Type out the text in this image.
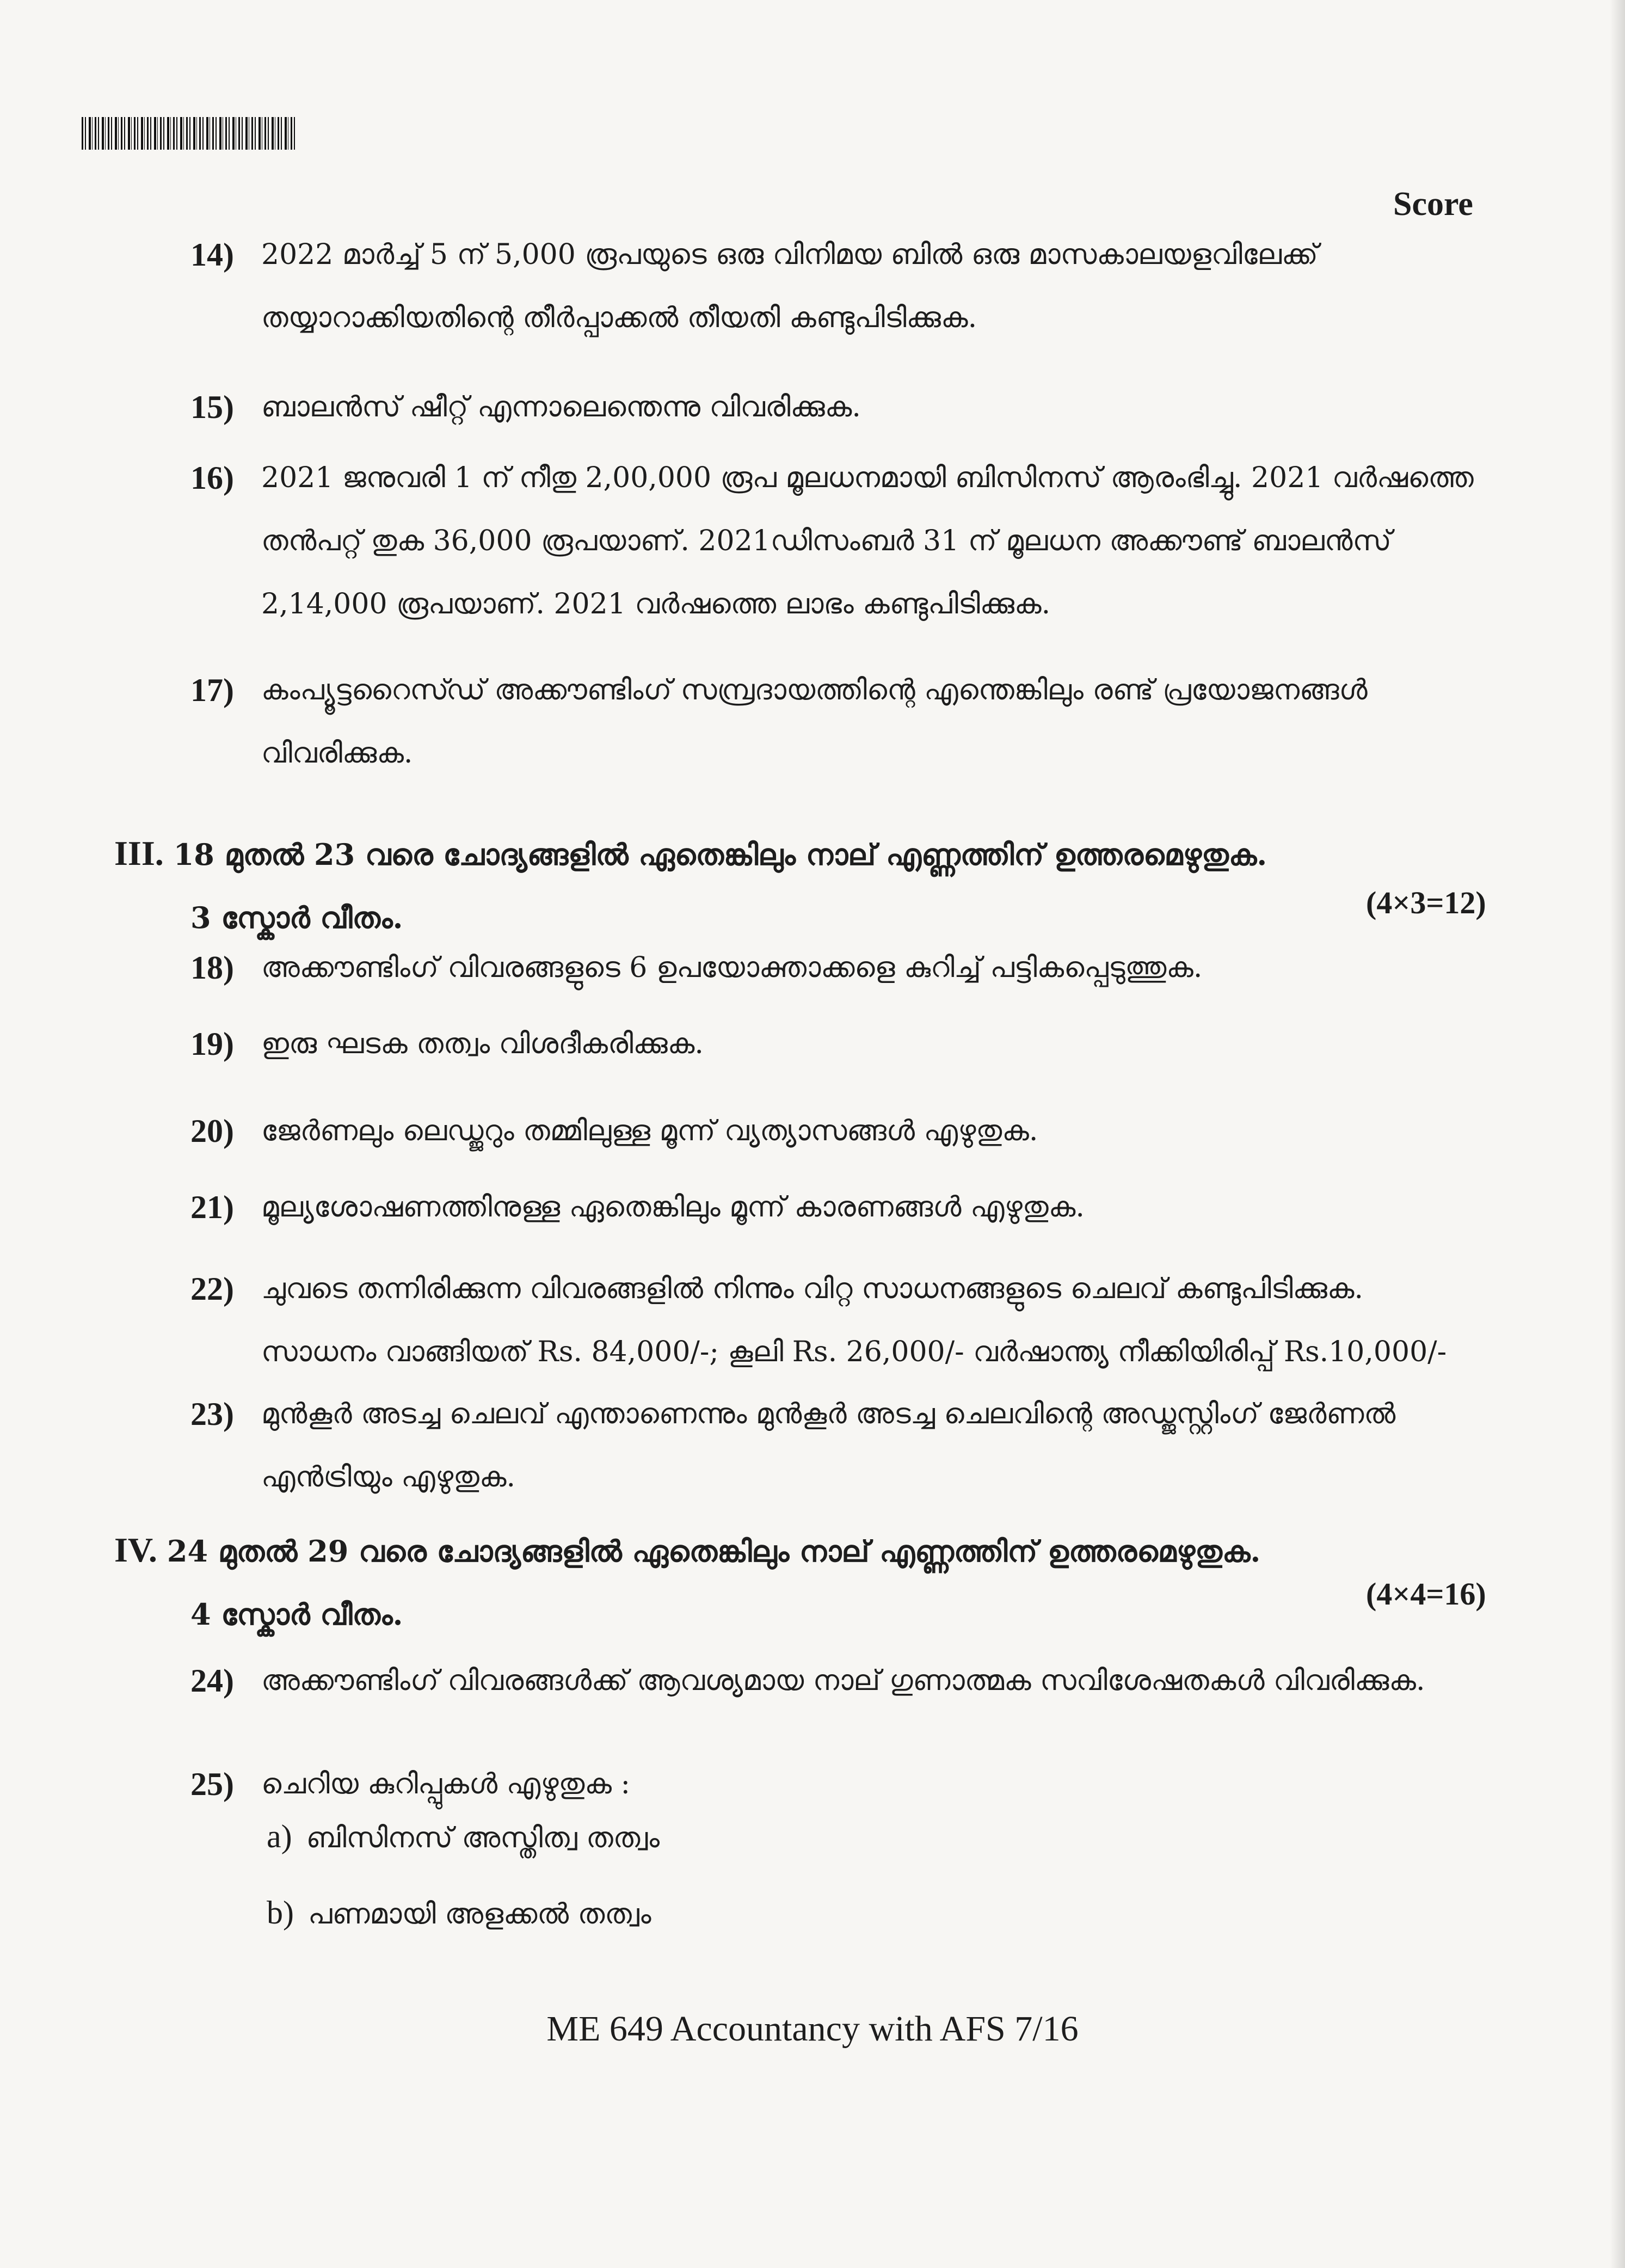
Score
14) 2022 മാർച്ച് 5 ന് 5,000 രൂപയുടെ ഒരു വിനിമയ ബിൽ ഒരു മാസകാലയളവിലേക്ക് തയ്യാറാക്കിയതിന്റെ തീർപ്പാക്കൽ തീയതി കണ്ടുപിടിക്കുക.
15) ബാലൻസ് ഷീറ്റ് എന്നാലെന്തെന്നു വിവരിക്കുക.
16) 2021 ജനുവരി 1 ന് നീതു 2,00,000 രൂപ മൂലധനമായി ബിസിനസ് ആരംഭിച്ചു. 2021 വർഷത്തെ തൻപറ്റ് തുക 36,000 രൂപയാണ്. 2021ഡിസംബർ 31 ന് മൂലധന അക്കൗണ്ട് ബാലൻസ് 2,14,000 രൂപയാണ്. 2021 വർഷത്തെ ലാഭം കണ്ടുപിടിക്കുക.
17) കംപ്യൂട്ടറൈസ്ഡ് അക്കൗണ്ടിംഗ് സമ്പ്രദായത്തിന്റെ എന്തെങ്കിലും രണ്ട് പ്രയോജനങ്ങൾ വിവരിക്കുക.
III. 18 മുതൽ 23 വരെ ചോദ്യങ്ങളിൽ ഏതെങ്കിലും നാല് എണ്ണത്തിന് ഉത്തരമെഴുതുക.
3 സ്കോർ വീതം.	(4×3=12)
18) അക്കൗണ്ടിംഗ് വിവരങ്ങളുടെ 6 ഉപയോക്താക്കളെ കുറിച്ച് പട്ടികപ്പെടുത്തുക.
19) ഇരു ഘടക തത്വം വിശദീകരിക്കുക.
20) ജേർണലും ലെഡ്ജറും തമ്മിലുള്ള മൂന്ന് വ്യത്യാസങ്ങൾ എഴുതുക.
21) മൂല്യശോഷണത്തിനുള്ള ഏതെങ്കിലും മൂന്ന് കാരണങ്ങൾ എഴുതുക.
22) ചുവടെ തന്നിരിക്കുന്ന വിവരങ്ങളിൽ നിന്നും വിറ്റ സാധനങ്ങളുടെ ചെലവ് കണ്ടുപിടിക്കുക. സാധനം വാങ്ങിയത് Rs. 84,000/-; കൂലി Rs. 26,000/- വർഷാന്ത്യ നീക്കിയിരിപ്പ് Rs.10,000/-
23) മുൻകൂർ അടച്ച ചെലവ് എന്താണെന്നും മുൻകൂർ അടച്ച ചെലവിന്റെ അഡ്ജസ്റ്റിംഗ് ജേർണൽ എൻട്രിയും എഴുതുക.
IV. 24 മുതൽ 29 വരെ ചോദ്യങ്ങളിൽ ഏതെങ്കിലും നാല് എണ്ണത്തിന് ഉത്തരമെഴുതുക.
4 സ്കോർ വീതം.
(4×4=16)
24) അക്കൗണ്ടിംഗ് വിവരങ്ങൾക്ക് ആവശ്യമായ നാല് ഗുണാത്മക സവിശേഷതകൾ വിവരിക്കുക.
25) ചെറിയ കുറിപ്പുകൾ എഴുതുക :
a) ബിസിനസ് അസ്തിത്വ തത്വം
b) പണമായി അളക്കൽ തത്വം
ME 649 Accountancy with AFS 7/16
